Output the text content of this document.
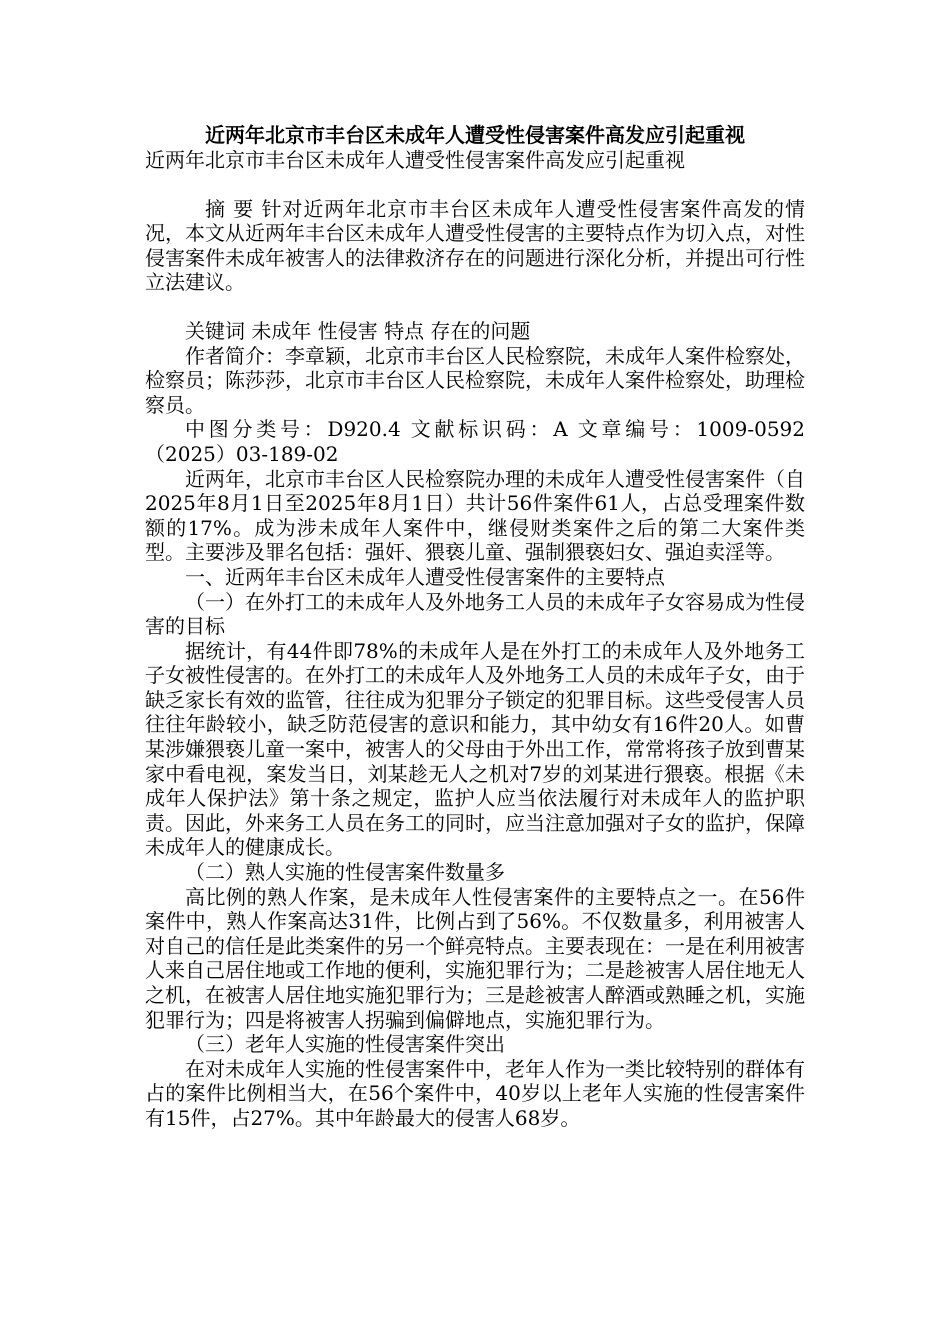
近两年北京市丰台区未成年人遭受性侵害案件高发应引起重视

近两年北京市丰台区未成年人遭受性侵害案件高发应引起重视

摘 要 针对近两年北京市丰台区未成年人遭受性侵害案件高发的情况，本文从近两年丰台区未成年人遭受性侵害的主要特点作为切入点，对性侵害案件未成年被害人的法律救济存在的问题进行深化分析，并提出可行性立法建议。

关键词 未成年 性侵害 特点 存在的问题

作者简介：李章颖，北京市丰台区人民检察院，未成年人案件检察处，检察员；陈莎莎，北京市丰台区人民检察院，未成年人案件检察处，助理检察员。

中图分类号：D920.4 文献标识码：A 文章编号：1009-0592（2025）03-189-02

近两年，北京市丰台区人民检察院办理的未成年人遭受性侵害案件（自2025年8月1日至2025年8月1日）共计56件案件61人，占总受理案件数额的17%。成为涉未成年人案件中，继侵财类案件之后的第二大案件类型。主要涉及罪名包括：强奸、猥亵儿童、强制猥亵妇女、强迫卖淫等。

一、近两年丰台区未成年人遭受性侵害案件的主要特点

（一）在外打工的未成年人及外地务工人员的未成年子女容易成为性侵害的目标

据统计，有44件即78%的未成年人是在外打工的未成年人及外地务工子女被性侵害的。在外打工的未成年人及外地务工人员的未成年子女，由于缺乏家长有效的监管，往往成为犯罪分子锁定的犯罪目标。这些受侵害人员往往年龄较小，缺乏防范侵害的意识和能力，其中幼女有16件20人。如曹某涉嫌猥亵儿童一案中，被害人的父母由于外出工作，常常将孩子放到曹某家中看电视，案发当日，刘某趁无人之机对7岁的刘某进行猥亵。根据《未成年人保护法》第十条之规定，监护人应当依法履行对未成年人的监护职责。因此，外来务工人员在务工的同时，应当注意加强对子女的监护，保障未成年人的健康成长。

（二）熟人实施的性侵害案件数量多

高比例的熟人作案，是未成年人性侵害案件的主要特点之一。在56件案件中，熟人作案高达31件，比例占到了56%。不仅数量多，利用被害人对自己的信任是此类案件的另一个鲜亮特点。主要表现在：一是在利用被害人来自己居住地或工作地的便利，实施犯罪行为；二是趁被害人居住地无人之机，在被害人居住地实施犯罪行为；三是趁被害人醉酒或熟睡之机，实施犯罪行为；四是将被害人拐骗到偏僻地点，实施犯罪行为。

（三）老年人实施的性侵害案件突出

在对未成年人实施的性侵害案件中，老年人作为一类比较特别的群体有占的案件比例相当大，在56个案件中，40岁以上老年人实施的性侵害案件有15件，占27%。其中年龄最大的侵害人68岁。
